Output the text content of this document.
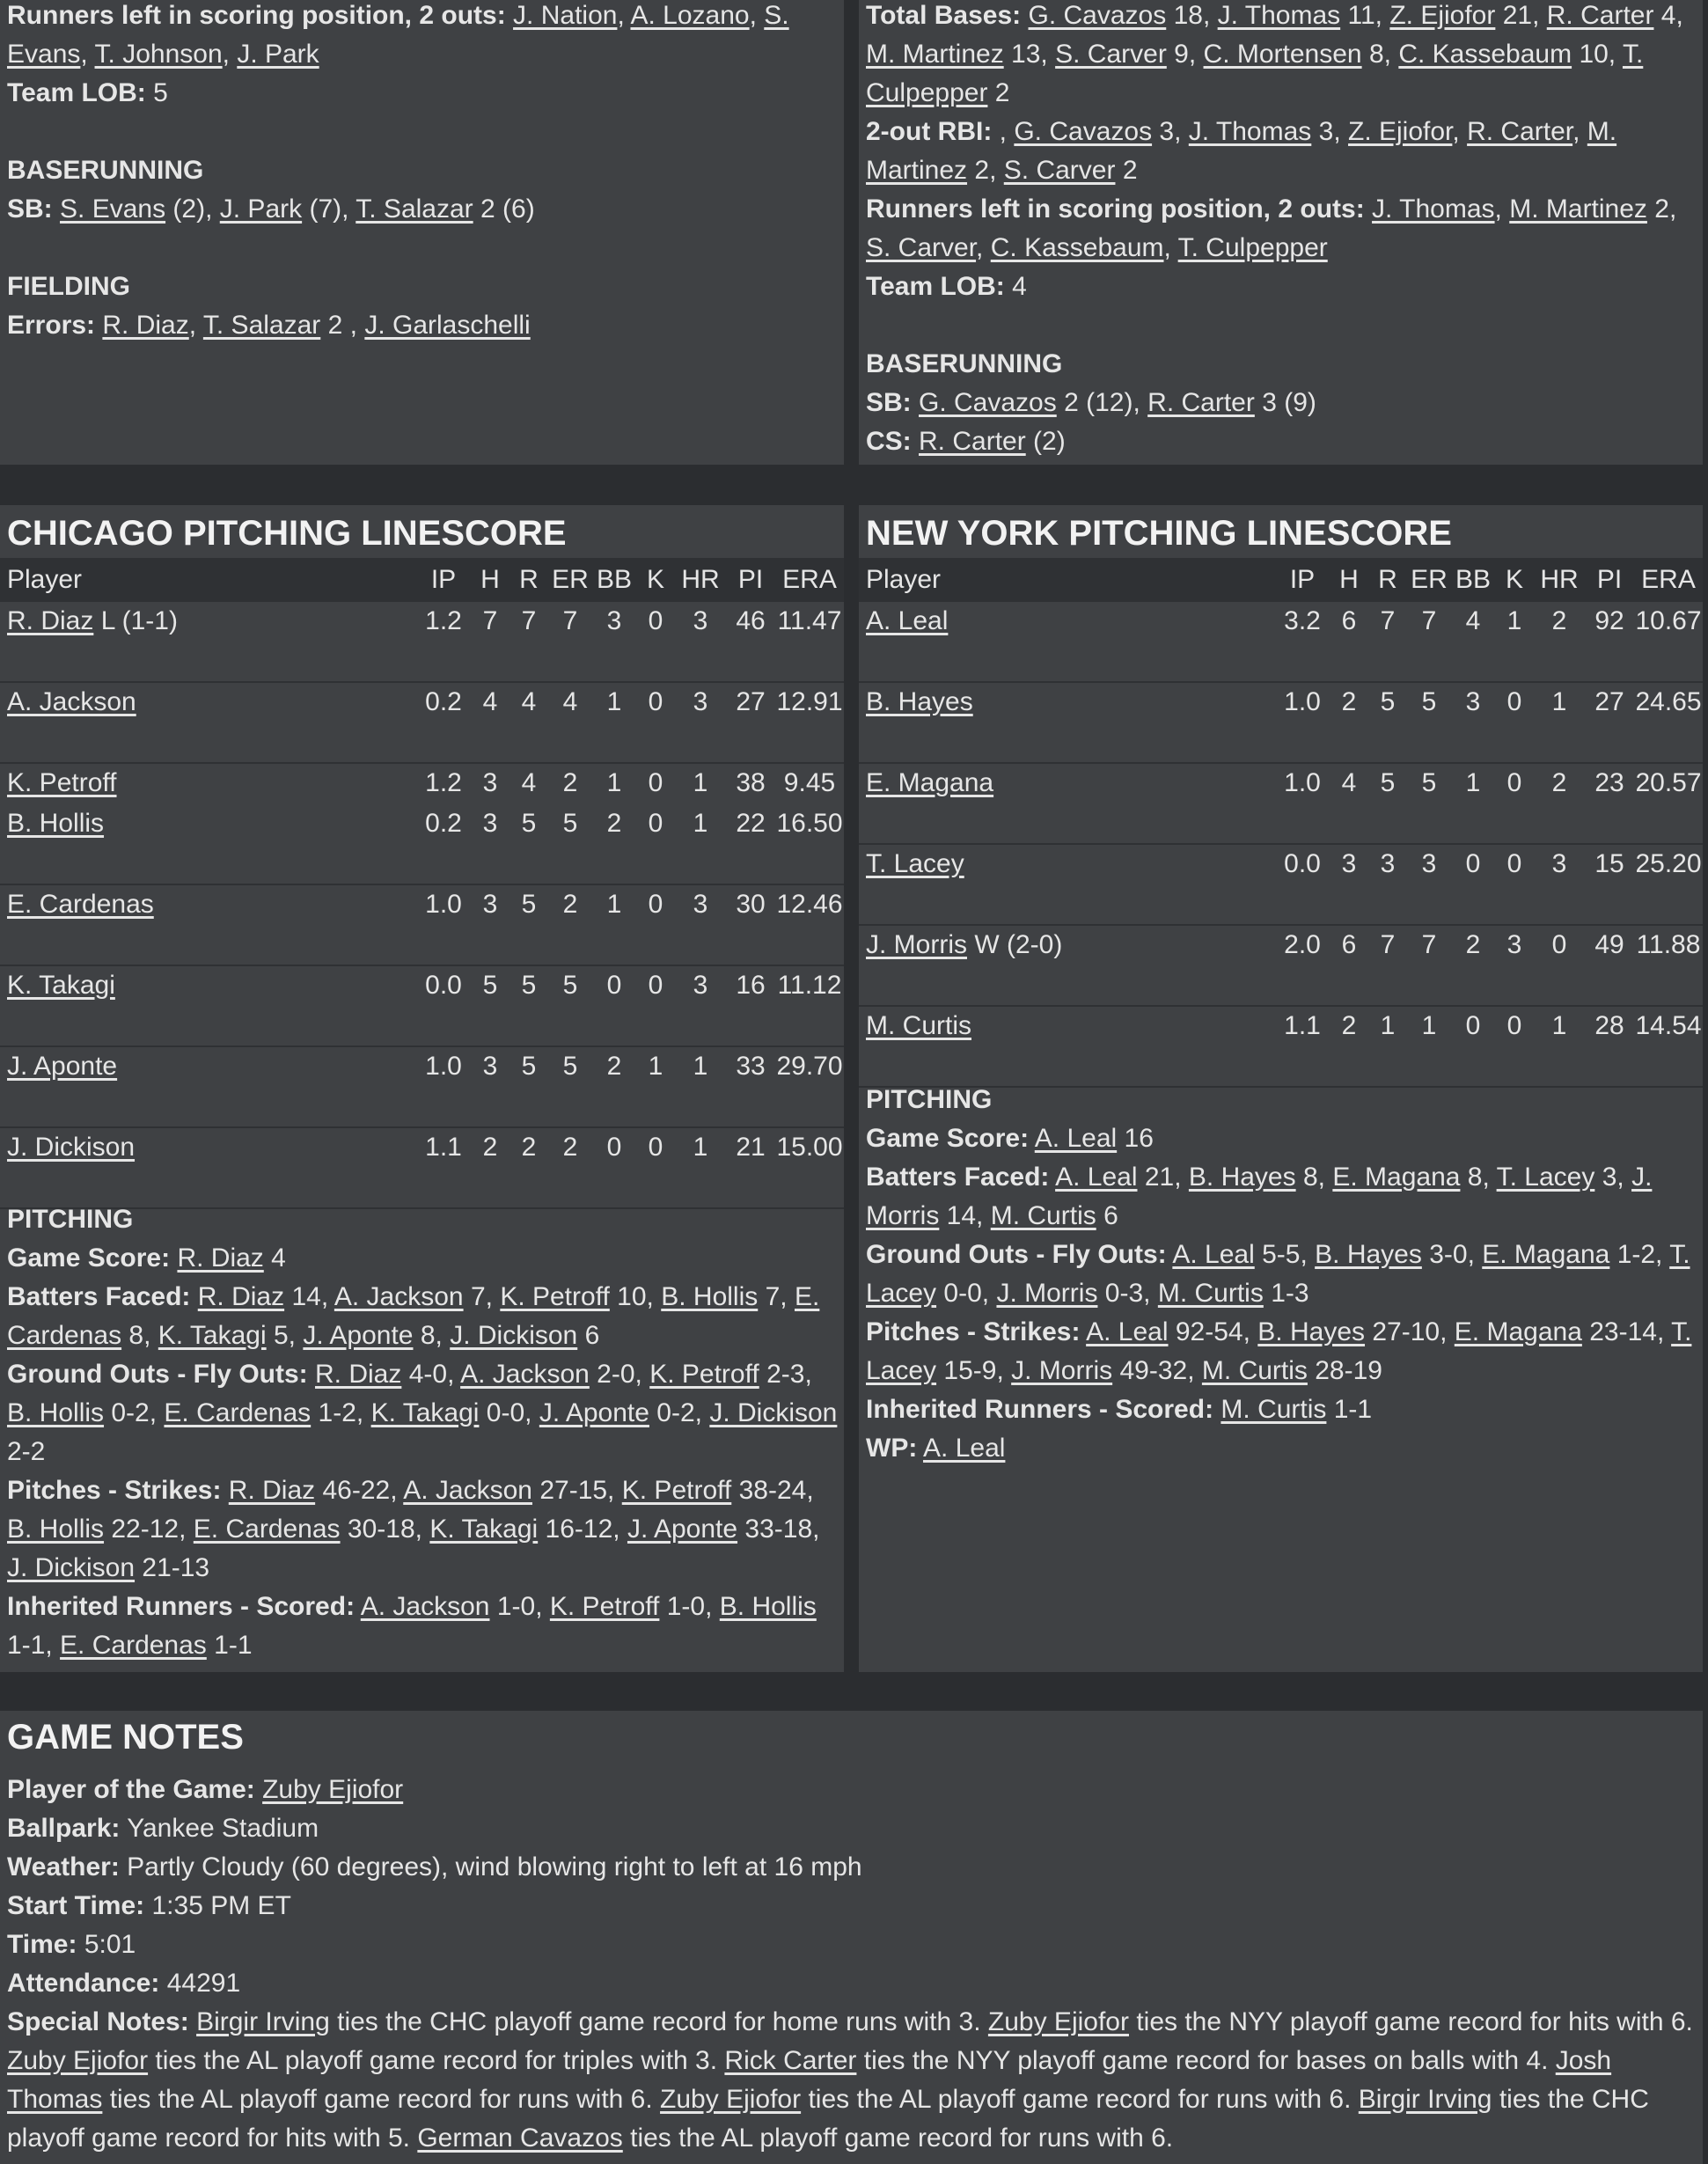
Runners left in scoring position, 2 outs: J. Nation, A. Lozano, S. Evans, T. Johnson, J. Park
Team LOB: 5

BASERUNNING
SB: S. Evans (2), J. Park (7), T. Salazar 2 (6)

FIELDING
Errors: R. Diaz, T. Salazar 2 , J. Garlaschelli
Total Bases: G. Cavazos 18, J. Thomas 11, Z. Ejiofor 21, R. Carter 4, M. Martinez 13, S. Carver 9, C. Mortensen 8, C. Kassebaum 10, T. Culpepper 2
2-out RBI: , G. Cavazos 3, J. Thomas 3, Z. Ejiofor, R. Carter, M. Martinez 2, S. Carver 2
Runners left in scoring position, 2 outs: J. Thomas, M. Martinez 2, S. Carver, C. Kassebaum, T. Culpepper
Team LOB: 4

BASERUNNING
SB: G. Cavazos 2 (12), R. Carter 3 (9)
CS: R. Carter (2)
CHICAGO PITCHING LINESCORE	NEW YORK PITCHING LINESCORE
Player	IP	H	R	ER	BB	K	HR	PI	ERA
R. Diaz L (1-1)	1.2	7	7	7	3	0	3	46	11.47
A. Jackson	0.2	4	4	4	1	0	3	27	12.91
K. Petroff	1.2	3	4	2	1	0	1	38	9.45
B. Hollis	0.2	3	5	5	2	0	1	22	16.50
E. Cardenas	1.0	3	5	2	1	0	3	30	12.46
K. Takagi	0.0	5	5	5	0	0	3	16	11.12
J. Aponte	1.0	3	5	5	2	1	1	33	29.70
J. Dickison	1.1	2	2	2	0	0	1	21	15.00
Player	IP	H	R	ER	BB	K	HR	PI	ERA
A. Leal	3.2	6	7	7	4	1	2	92	10.67
B. Hayes	1.0	2	5	5	3	0	1	27	24.65
E. Magana	1.0	4	5	5	1	0	2	23	20.57
T. Lacey	0.0	3	3	3	0	0	3	15	25.20
J. Morris W (2-0)	2.0	6	7	7	2	3	0	49	11.88
M. Curtis	1.1	2	1	1	0	0	1	28	14.54
PITCHING
Game Score: R. Diaz 4
Batters Faced: R. Diaz 14, A. Jackson 7, K. Petroff 10, B. Hollis 7, E. Cardenas 8, K. Takagi 5, J. Aponte 8, J. Dickison 6
Ground Outs - Fly Outs: R. Diaz 4-0, A. Jackson 2-0, K. Petroff 2-3, B. Hollis 0-2, E. Cardenas 1-2, K. Takagi 0-0, J. Aponte 0-2, J. Dickison 2-2
Pitches - Strikes: R. Diaz 46-22, A. Jackson 27-15, K. Petroff 38-24, B. Hollis 22-12, E. Cardenas 30-18, K. Takagi 16-12, J. Aponte 33-18, J. Dickison 21-13
Inherited Runners - Scored: A. Jackson 1-0, K. Petroff 1-0, B. Hollis 1-1, E. Cardenas 1-1
PITCHING
Game Score: A. Leal 16
Batters Faced: A. Leal 21, B. Hayes 8, E. Magana 8, T. Lacey 3, J. Morris 14, M. Curtis 6
Ground Outs - Fly Outs: A. Leal 5-5, B. Hayes 3-0, E. Magana 1-2, T. Lacey 0-0, J. Morris 0-3, M. Curtis 1-3
Pitches - Strikes: A. Leal 92-54, B. Hayes 27-10, E. Magana 23-14, T. Lacey 15-9, J. Morris 49-32, M. Curtis 28-19
Inherited Runners - Scored: M. Curtis 1-1
WP: A. Leal
GAME NOTES
Player of the Game: Zuby Ejiofor
Ballpark: Yankee Stadium
Weather: Partly Cloudy (60 degrees), wind blowing right to left at 16 mph
Start Time: 1:35 PM ET
Time: 5:01
Attendance: 44291
Special Notes: Birgir Irving ties the CHC playoff game record for home runs with 3. Zuby Ejiofor ties the NYY playoff game record for hits with 6.
Zuby Ejiofor ties the AL playoff game record for triples with 3. Rick Carter ties the NYY playoff game record for bases on balls with 4. Josh
Thomas ties the AL playoff game record for runs with 6. Zuby Ejiofor ties the AL playoff game record for runs with 6. Birgir Irving ties the CHC
playoff game record for hits with 5. German Cavazos ties the AL playoff game record for runs with 6.
